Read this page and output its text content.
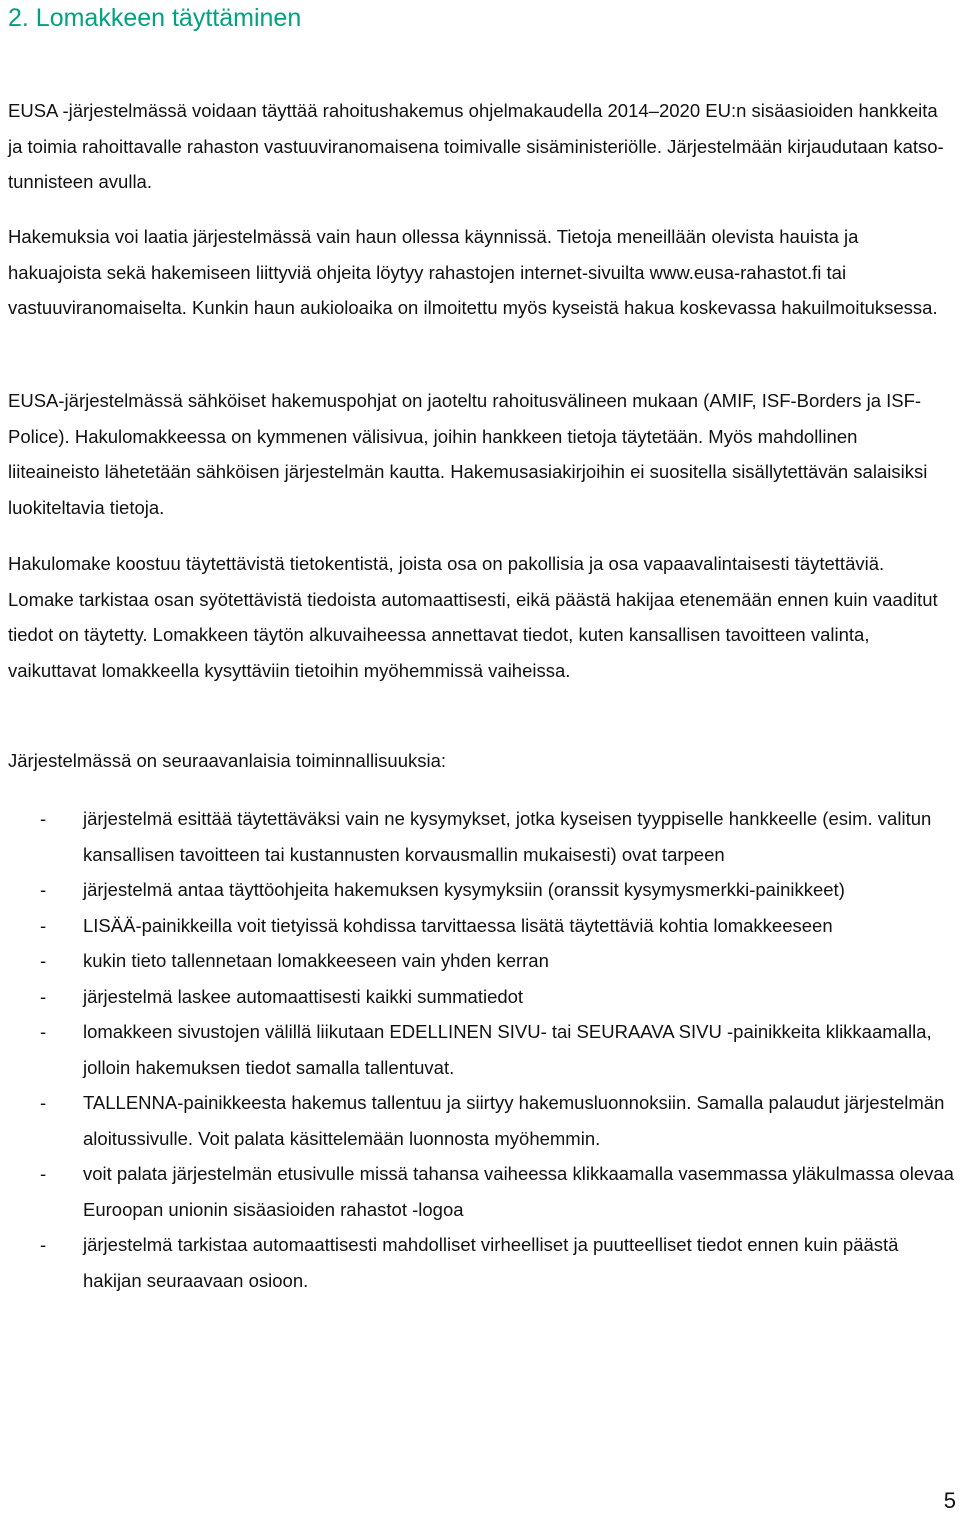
2. Lomakkeen täyttäminen

EUSA -järjestelmässä voidaan täyttää rahoitushakemus ohjelmakaudella 2014–2020 EU:n sisäasioiden hankkeita ja toimia rahoittavalle rahaston vastuuviranomaisena toimivalle sisäministeriölle. Järjestelmään kirjaudutaan katso-tunnisteen avulla.

Hakemuksia voi laatia järjestelmässä vain haun ollessa käynnissä. Tietoja meneillään olevista hauista ja hakuajoista sekä hakemiseen liittyviä ohjeita löytyy rahastojen internet-sivuilta www.eusa-rahastot.fi tai vastuuviranomaiselta. Kunkin haun aukioloaika on ilmoitettu myös kyseistä hakua koskevassa hakuilmoituksessa.

EUSA-järjestelmässä sähköiset hakemuspohjat on jaoteltu rahoitusvälineen mukaan (AMIF, ISF-Borders ja ISF-Police). Hakulomakkeessa on kymmenen välisivua, joihin hankkeen tietoja täytetään. Myös mahdollinen liiteaineisto lähetetään sähköisen järjestelmän kautta. Hakemusasiakirjoihin ei suositella sisällytettävän salaisiksi luokiteltavia tietoja.

Hakulomake koostuu täytettävistä tietokentistä, joista osa on pakollisia ja osa vapaavalintaisesti täytettäviä. Lomake tarkistaa osan syötettävistä tiedoista automaattisesti, eikä päästä hakijaa etenemään ennen kuin vaaditut tiedot on täytetty. Lomakkeen täytön alkuvaiheessa annettavat tiedot, kuten kansallisen tavoitteen valinta, vaikuttavat lomakkeella kysyttäviin tietoihin myöhemmissä vaiheissa.

Järjestelmässä on seuraavanlaisia toiminnallisuuksia:

- järjestelmä esittää täytettäväksi vain ne kysymykset, jotka kyseisen tyyppiselle hankkeelle (esim. valitun kansallisen tavoitteen tai kustannusten korvausmallin mukaisesti) ovat tarpeen
- järjestelmä antaa täyttöohjeita hakemuksen kysymyksiin (oranssit kysymysmerkki-painikkeet)
- LISÄÄ-painikkeilla voit tietyissä kohdissa tarvittaessa lisätä täytettäviä kohtia lomakkeeseen
- kukin tieto tallennetaan lomakkeeseen vain yhden kerran
- järjestelmä laskee automaattisesti kaikki summatiedot
- lomakkeen sivustojen välillä liikutaan EDELLINEN SIVU- tai SEURAAVA SIVU -painikkeita klikkaamalla, jolloin hakemuksen tiedot samalla tallentuvat.
- TALLENNA-painikkeesta hakemus tallentuu ja siirtyy hakemusluonnoksiin. Samalla palaudut järjestelmän aloitussivulle. Voit palata käsittelemään luonnosta myöhemmin.
- voit palata järjestelmän etusivulle missä tahansa vaiheessa klikkaamalla vasemmassa yläkulmassa olevaa Euroopan unionin sisäasioiden rahastot -logoa
- järjestelmä tarkistaa automaattisesti mahdolliset virheelliset ja puutteelliset tiedot ennen kuin päästä hakijan seuraavaan osioon.
5
